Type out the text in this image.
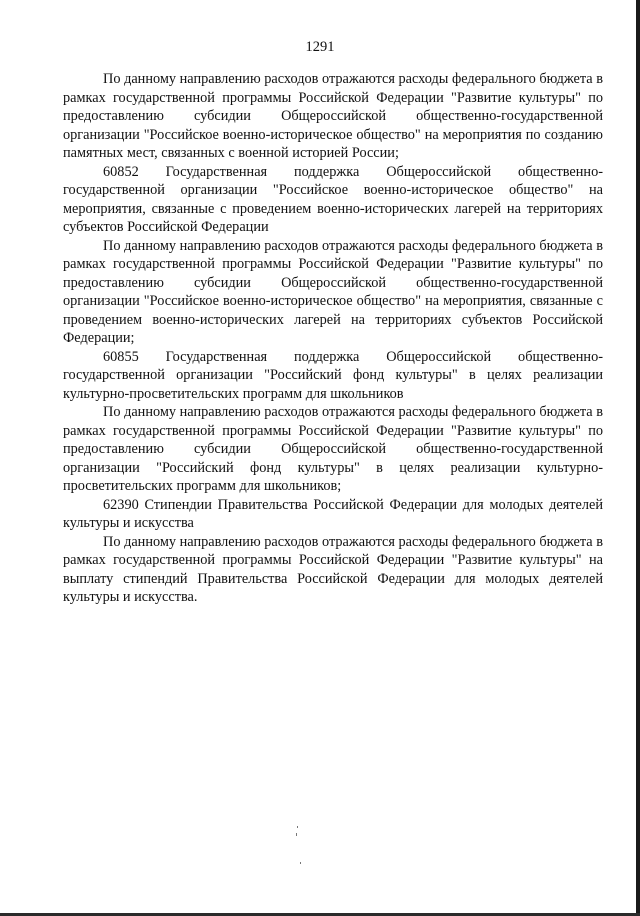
1291

По данному направлению расходов отражаются расходы федерального бюджета в рамках государственной программы Российской Федерации "Развитие культуры" по предоставлению субсидии Общероссийской общественно-государственной организации "Российское военно-историческое общество" на мероприятия по созданию памятных мест, связанных с военной историей России;

60852 Государственная поддержка Общероссийской общественно-государственной организации "Российское военно-историческое общество" на мероприятия, связанные с проведением военно-исторических лагерей на территориях субъектов Российской Федерации

По данному направлению расходов отражаются расходы федерального бюджета в рамках государственной программы Российской Федерации "Развитие культуры" по предоставлению субсидии Общероссийской общественно-государственной организации "Российское военно-историческое общество" на мероприятия, связанные с проведением военно-исторических лагерей на территориях субъектов Российской Федерации;

60855 Государственная поддержка Общероссийской общественно-государственной организации "Российский фонд культуры" в целях реализации культурно-просветительских программ для школьников

По данному направлению расходов отражаются расходы федерального бюджета в рамках государственной программы Российской Федерации "Развитие культуры" по предоставлению субсидии Общероссийской общественно-государственной организации "Российский фонд культуры" в целях реализации культурно-просветительских программ для школьников;

62390 Стипендии Правительства Российской Федерации для молодых деятелей культуры и искусства

По данному направлению расходов отражаются расходы федерального бюджета в рамках государственной программы Российской Федерации "Развитие культуры" на выплату стипендий Правительства Российской Федерации для молодых деятелей культуры и искусства.
